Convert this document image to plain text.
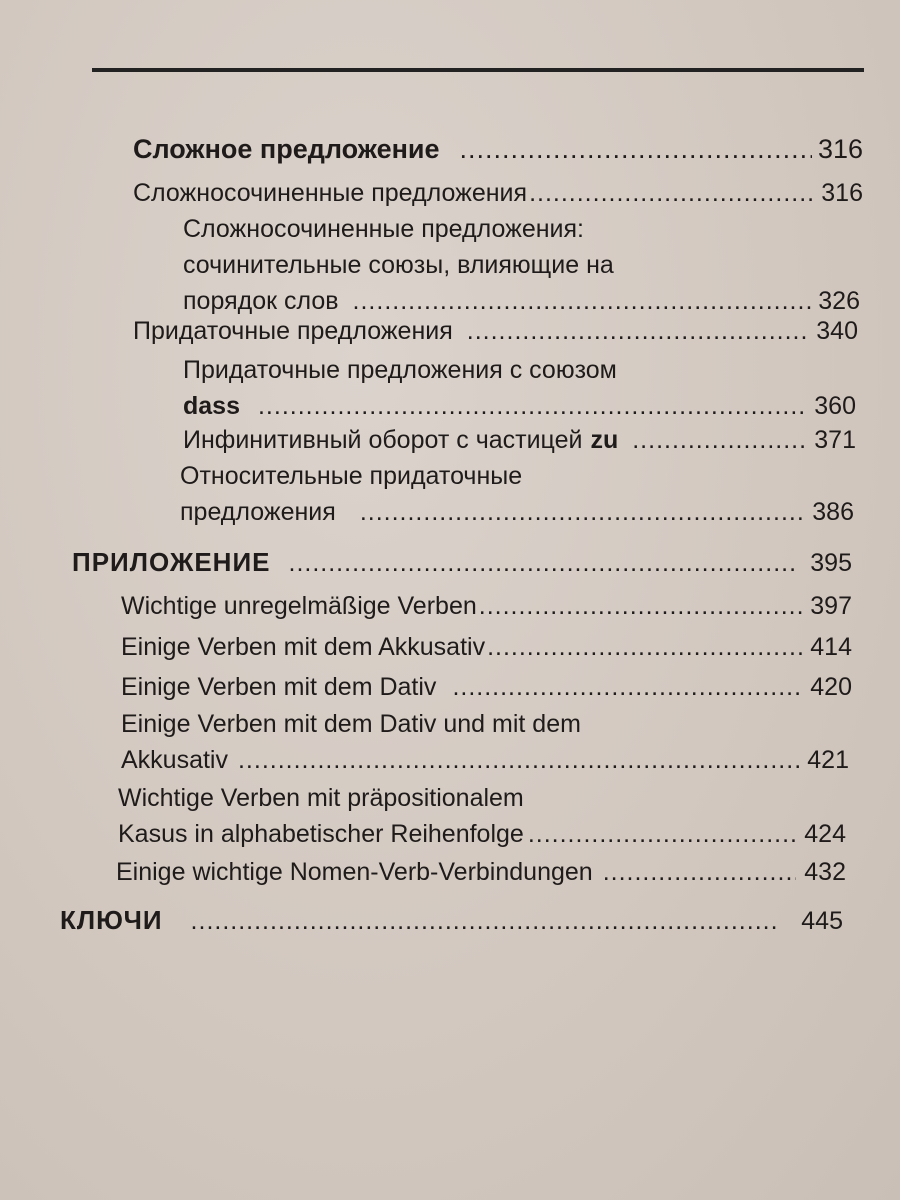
Сложное предложение .....	316
Сложносочиненные предложения .....	316
Сложносочиненные предложения:
сочинительные союзы, влияющие на
порядок слов .....	326
Придаточные предложения .....	340
Придаточные предложения с союзом
dass .....	360
Инфинитивный оборот с частицей zu .....	371
Относительные придаточные
предложения .....	386
ПРИЛОЖЕНИЕ .....	395
Wichtige unregelmäßige Verben .....	397
Einige Verben mit dem Akkusativ .....	414
Einige Verben mit dem Dativ .....	420
Einige Verben mit dem Dativ und mit dem
Akkusativ .....	421
Wichtige Verben mit präpositionalem
Kasus in alphabetischer Reihenfolge .....	424
Einige wichtige Nomen-Verb-Verbindungen .....	432
КЛЮЧИ .....	445
